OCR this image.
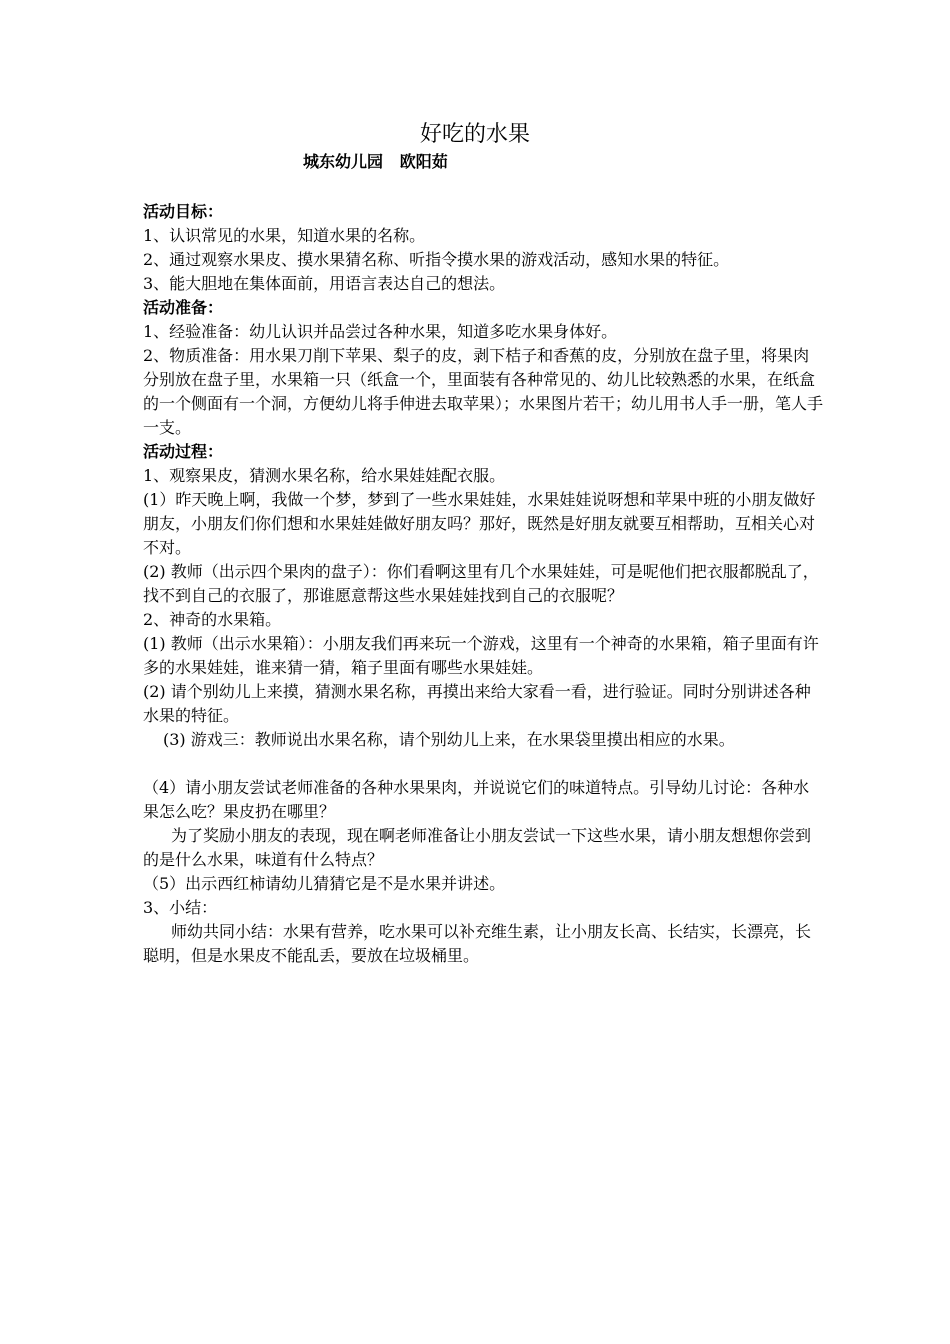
好吃的水果
城东幼儿园   欧阳茹

活动目标：

1、认识常见的水果，知道水果的名称。

2、通过观察水果皮、摸水果猜名称、听指令摸水果的游戏活动，感知水果的特征。

3、能大胆地在集体面前，用语言表达自己的想法。

活动准备：

1、经验准备：幼儿认识并品尝过各种水果，知道多吃水果身体好。

2、物质准备：用水果刀削下苹果、梨子的皮，剥下桔子和香蕉的皮，分别放在盘子里，将果肉分别放在盘子里，水果箱一只（纸盒一个，里面装有各种常见的、幼儿比较熟悉的水果，在纸盒的一个侧面有一个洞，方便幼儿将手伸进去取苹果）；水果图片若干；幼儿用书人手一册，笔人手一支。

活动过程：

1、观察果皮，猜测水果名称，给水果娃娃配衣服。

(1）昨天晚上啊，我做一个梦，梦到了一些水果娃娃，水果娃娃说呀想和苹果中班的小朋友做好朋友，小朋友们你们想和水果娃娃做好朋友吗？那好，既然是好朋友就要互相帮助，互相关心对不对。

(2) 教师（出示四个果肉的盘子）：你们看啊这里有几个水果娃娃，可是呢他们把衣服都脱乱了，找不到自己的衣服了，那谁愿意帮这些水果娃娃找到自己的衣服呢？

2、神奇的水果箱。

(1) 教师（出示水果箱）：小朋友我们再来玩一个游戏，这里有一个神奇的水果箱，箱子里面有许多的水果娃娃，谁来猜一猜，箱子里面有哪些水果娃娃。

(2) 请个别幼儿上来摸，猜测水果名称，再摸出来给大家看一看，进行验证。同时分别讲述各种水果的特征。

(3) 游戏三：教师说出水果名称，请个别幼儿上来，在水果袋里摸出相应的水果。

（4）请小朋友尝试老师准备的各种水果果肉，并说说它们的味道特点。引导幼儿讨论：各种水果怎么吃？果皮扔在哪里？

为了奖励小朋友的表现，现在啊老师准备让小朋友尝试一下这些水果，请小朋友想想你尝到的是什么水果，味道有什么特点？

（5）出示西红柿请幼儿猜猜它是不是水果并讲述。

3、小结：

师幼共同小结：水果有营养，吃水果可以补充维生素，让小朋友长高、长结实，长漂亮，长聪明，但是水果皮不能乱丢，要放在垃圾桶里。
